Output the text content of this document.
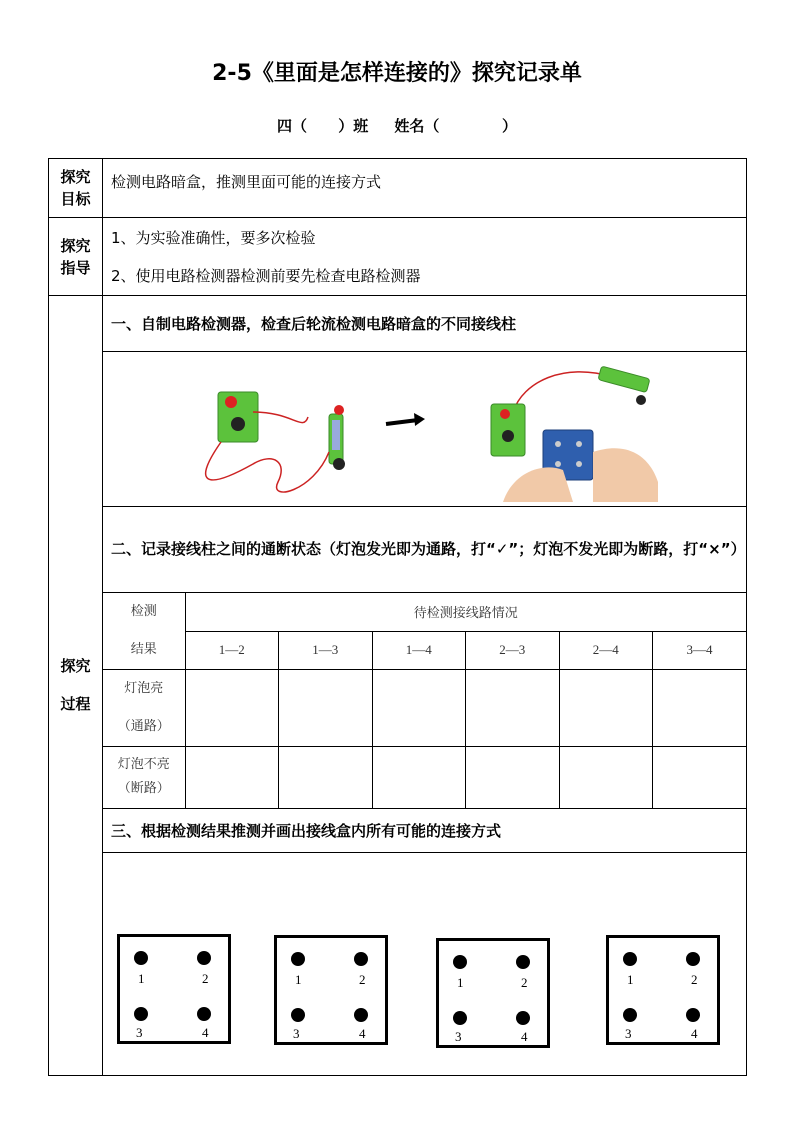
2-5《里面是怎样连接的》探究记录单
四（      ）班     姓名（            ）
探究
目标
	检测电路暗盒，推测里面可能的连接方式

探究
指导

1、为实验准确性，要多次检验
2、使用电路检测器检测前要先检查电路检测器

探究
过程
	一、自制电路检测器，检查后轮流检测电路暗盒的不同接线柱

二、记录接线柱之间的通断状态（灯泡发光即为通路，打“✓”；灯泡不发光即为断路，打“×”）

检测
结果
	待检测接线路情况
1—2	1—3	1—4	2—3	2—4	3—4

灯泡亮
（通路）

灯泡不亮
（断路）

三、根据检测结果推测并画出接线盒内所有可能的连接方式

1	2
3	4
1	2
3	4
1	2
3	4
1	2
3	4
